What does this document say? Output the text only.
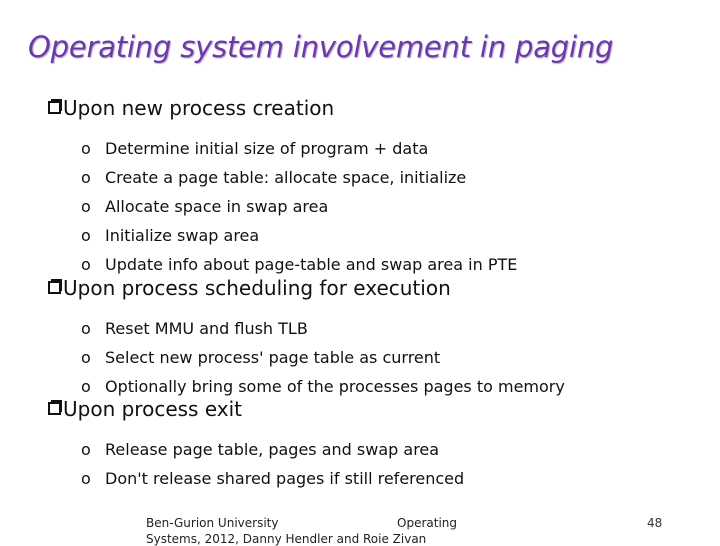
Operating system involvement in paging
Upon new process creation
o Determine initial size of program + data
o Create a page table: allocate space, initialize
o Allocate space in swap area
o Initialize swap area
o Update info about page-table and swap area in PTE
Upon process scheduling for execution
o Reset MMU and flush TLB
o Select new process' page table as current
o Optionally bring some of the processes pages to memory
Upon process exit
o Release page table, pages and swap area
o Don't release shared pages if still referenced
Ben-Gurion University	Operating
Systems, 2012, Danny Hendler and Roie Zivan
48
